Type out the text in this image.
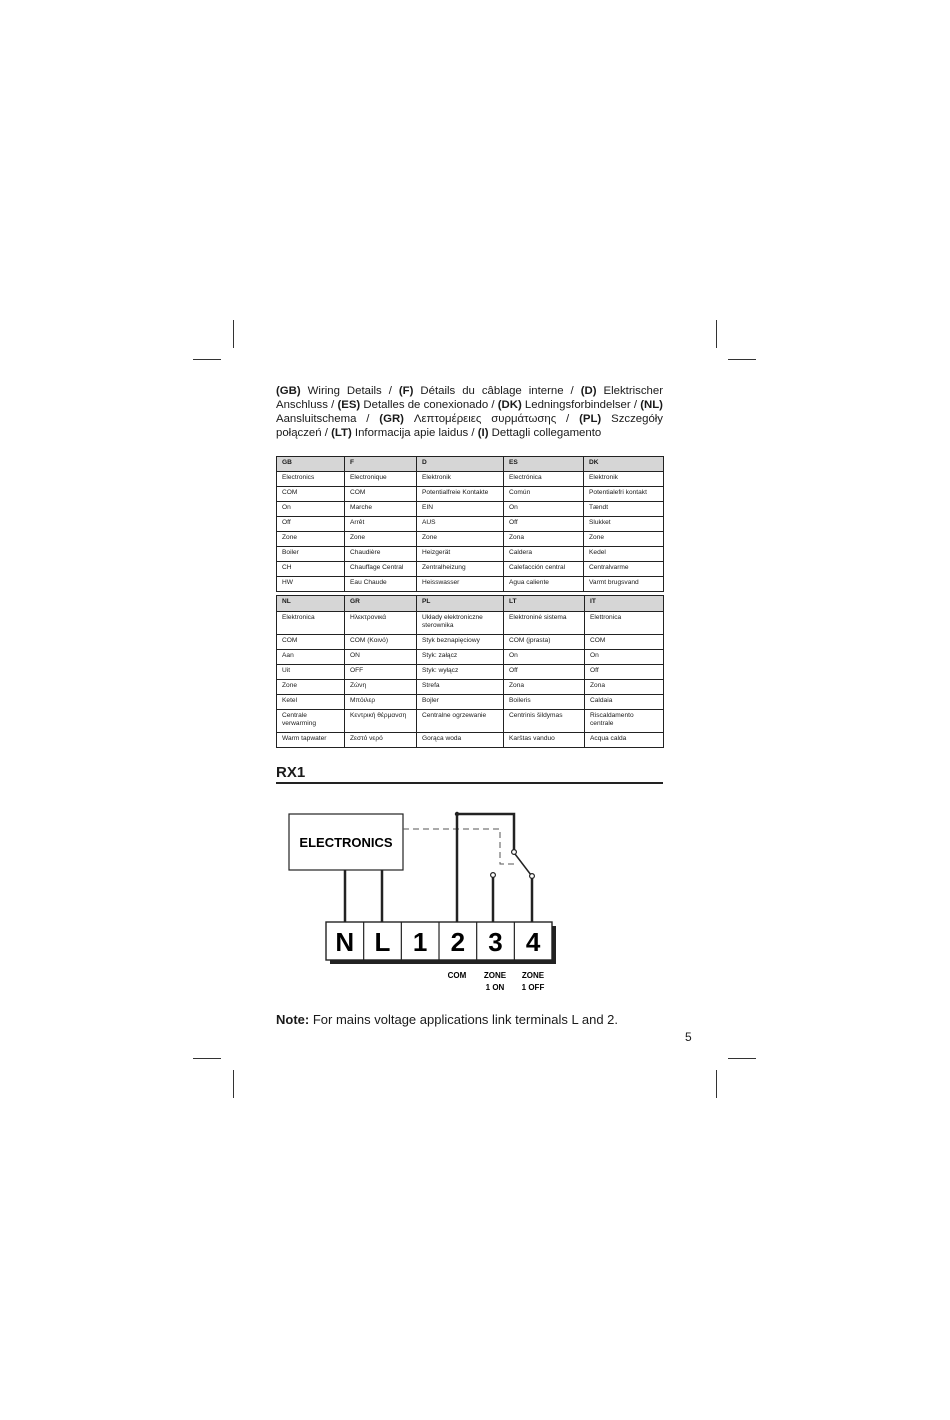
(GB) Wiring Details / (F) Détails du câblage interne / (D) Elektrischer Anschluss / (ES) Detalles de conexionado / (DK) Ledningsforbindelser / (NL) Aansluitschema / (GR) Λεπτομέρειες συρμάτωσης / (PL) Szczegóły połączeń / (LT) Informacija apie laidus / (I) Dettagli collegamento
GB	F	D	ES	DK
Electronics	Electronique	Elektronik	Electrónica	Elektronik
COM	COM	Potentialfreie Kontakte	Común	Potentialefri kontakt
On	Marche	EIN	On	Tændt
Off	Arrêt	AUS	Off	Slukket
Zone	Zone	Zone	Zona	Zone
Boiler	Chaudière	Heizgerät	Caldera	Kedel
CH	Chauffage Central	Zentralheizung	Calefacción central	Centralvarme
HW	Eau Chaude	Heisswasser	Agua caliente	Varmt brugsvand
NL	GR	PL	LT	IT
Elektronica	Ηλεκτρονικά	Układy elektroniczne sterownika	Elektroninė sistema	Elettronica
COM	COM (Κοινό)	Styk beznapięciowy	COM (įprasta)	COM
Aan	ON	Styk: załącz	On	On
Uit	OFF	Styk: wyłącz	Off	Off
Zone	Ζώνη	Strefa	Zona	Zona
Ketel	Μπόιλερ	Bojler	Boileris	Caldaia
Centrale verwarming	Κεντρική θέρμανση	Centralne ogrzewanie	Centrinis šildymas	Riscaldamento centrale
Warm tapwater	Ζεστό νερό	Gorąca woda	Karštas vanduo	Acqua calda
RX1
ELECTRONICS
N L 1 2 3 4
COM ZONE
1 ON
ZONE
1 OFF
Note: For mains voltage applications link terminals L and 2.
5
